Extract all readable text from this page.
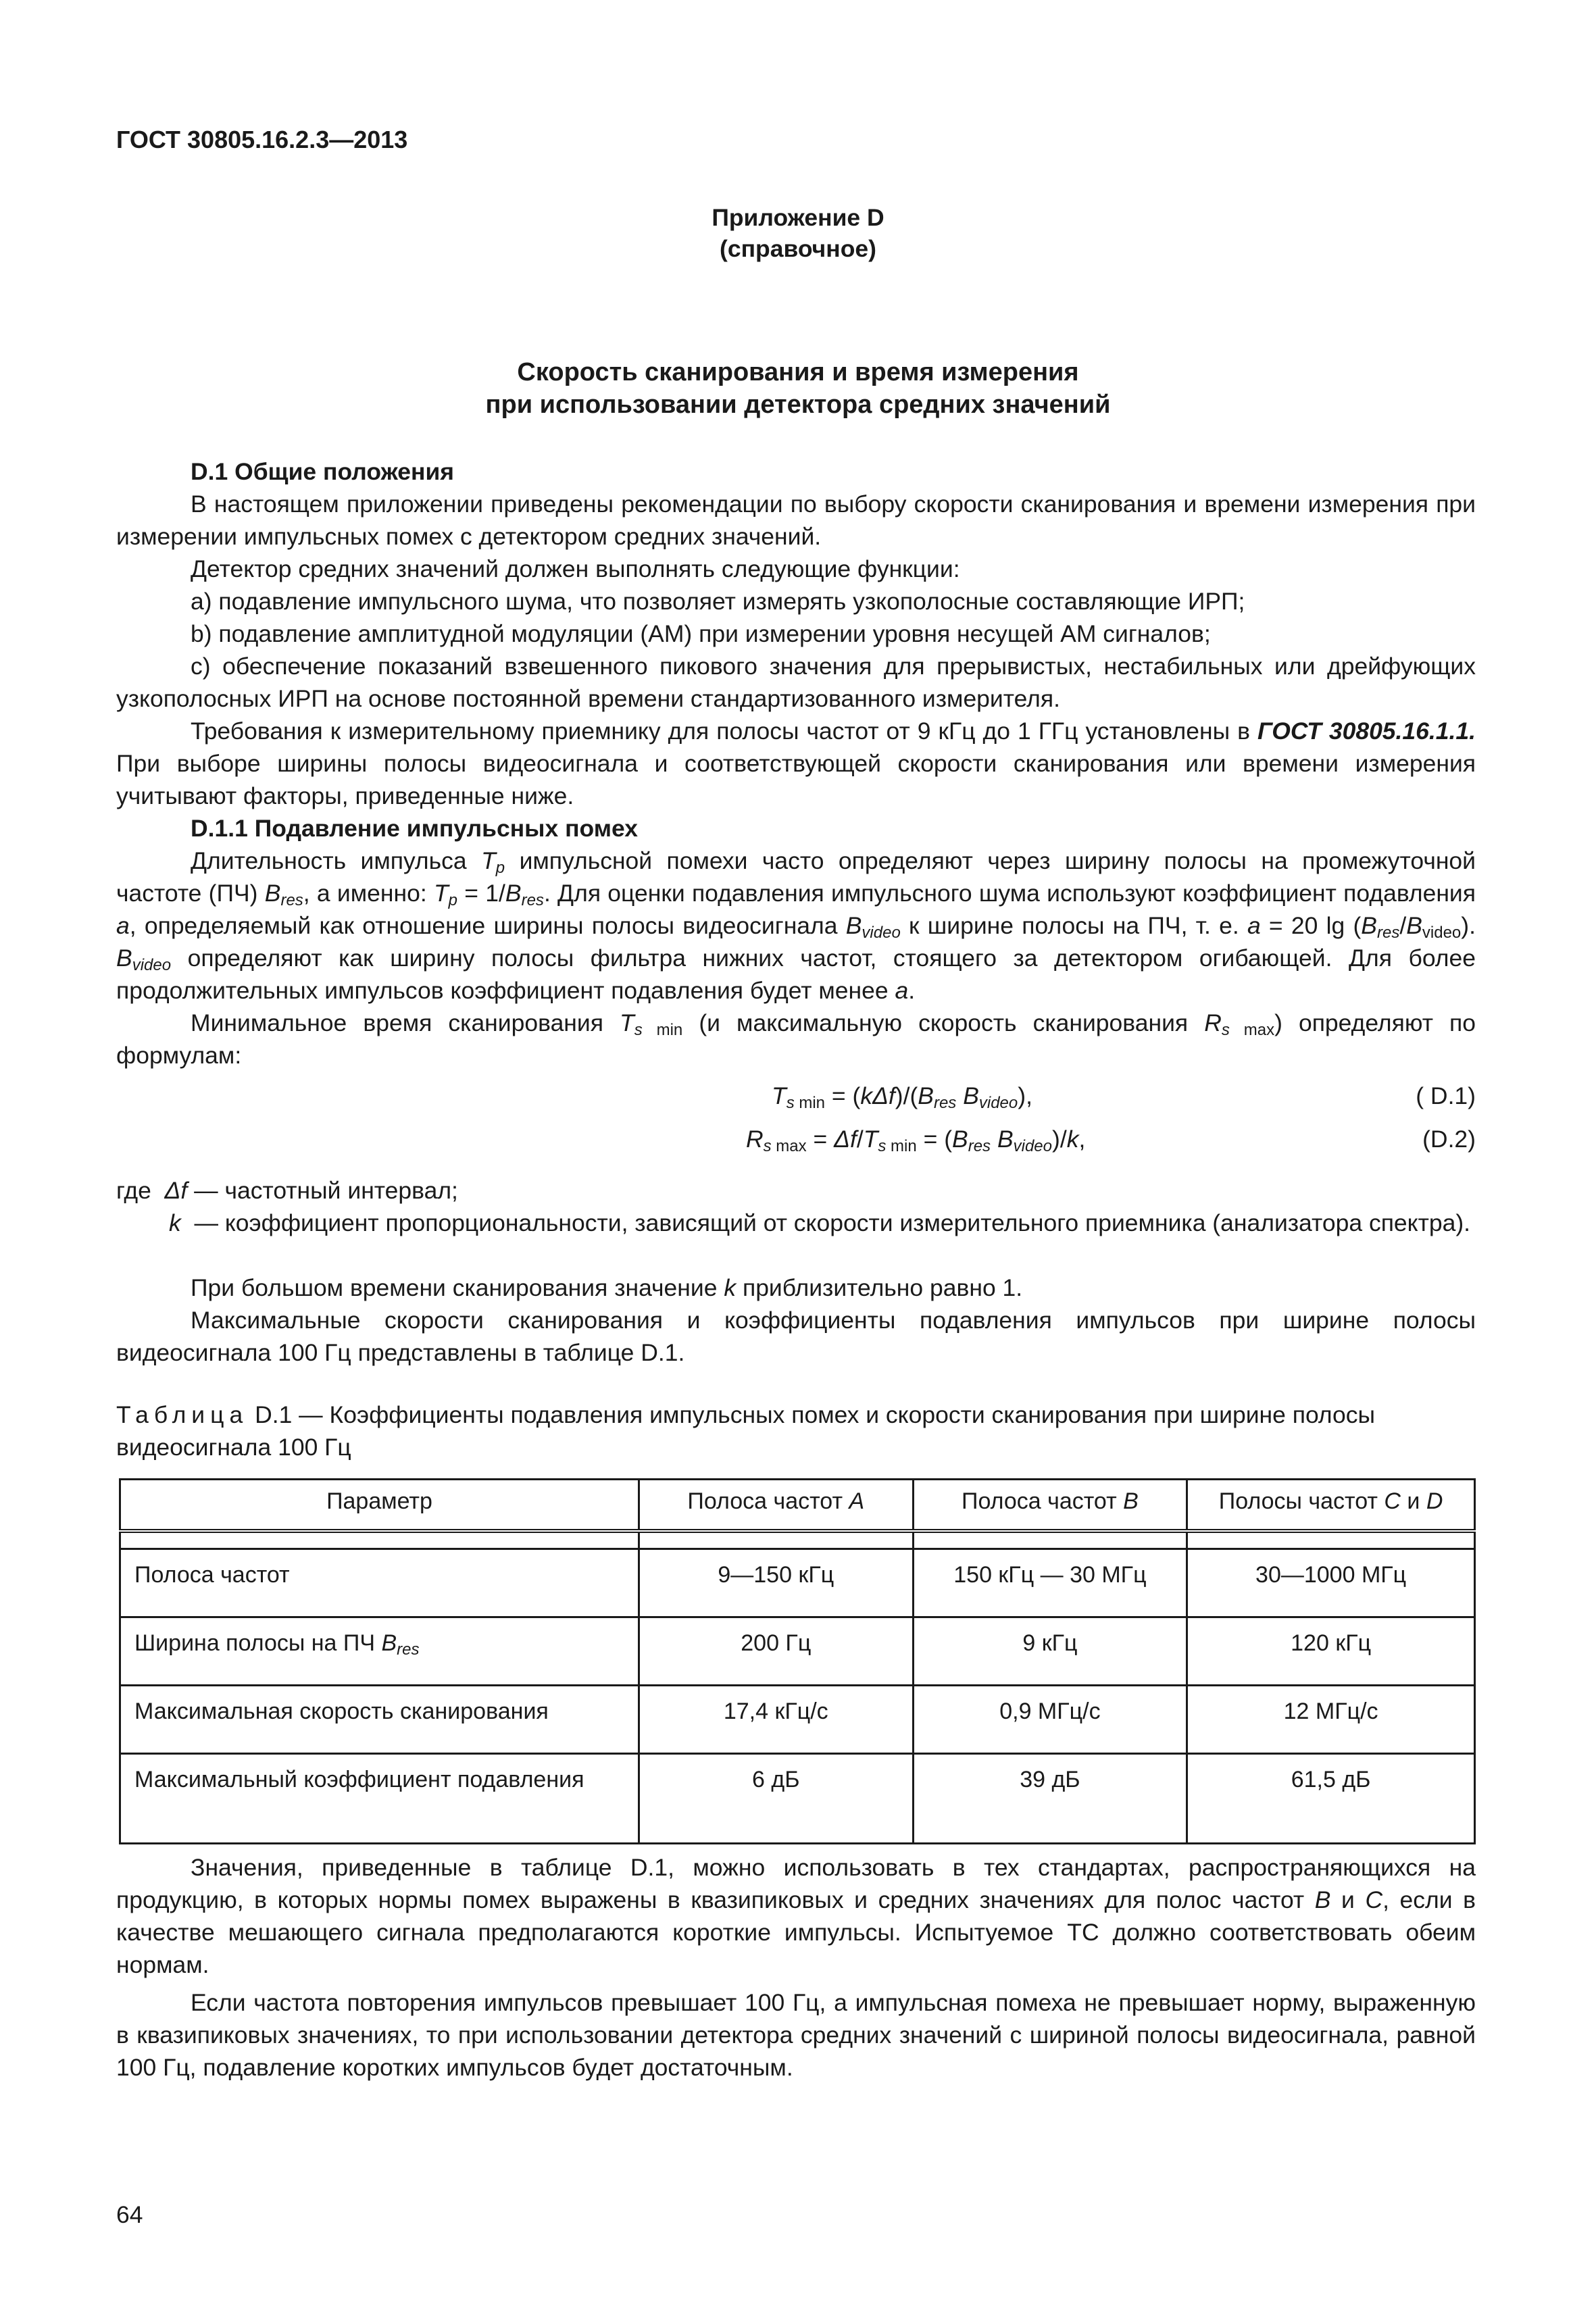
ГОСТ 30805.16.2.3—2013
Приложение D
(справочное)
Скорость сканирования и время измерения
при использовании детектора средних значений
D.1 Общие положения
В настоящем приложении приведены рекомендации по выбору скорости сканирования и времени измерения при измерении импульсных помех с детектором средних значений.
Детектор средних значений должен выполнять следующие функции:
a) подавление импульсного шума, что позволяет измерять узкополосные составляющие ИРП;
b) подавление амплитудной модуляции (АМ) при измерении уровня несущей АМ сигналов;
c) обеспечение показаний взвешенного пикового значения для прерывистых, нестабильных или дрейфующих узкополосных ИРП на основе постоянной времени стандартизованного измерителя.
Требования к измерительному приемнику для полосы частот от 9 кГц до 1 ГГц установлены в ГОСТ 30805.16.1.1. При выборе ширины полосы видеосигнала и соответствующей скорости сканирования или времени измерения учитывают факторы, приведенные ниже.
D.1.1 Подавление импульсных помех
Длительность импульса $T_p$ импульсной помехи часто определяют через ширину полосы на промежуточной частоте (ПЧ) $B_{res}$, а именно: $T_p = 1/B_{res}$. Для оценки подавления импульсного шума используют коэффициент подавления a, определяемый как отношение ширины полосы видеосигнала $B_{video}$ к ширине полосы на ПЧ, т. е. a = 20 $\lg (B_{res}/B_{video})$. $B_{video}$ определяют как ширину полосы фильтра нижних частот, стоящего за детектором огибающей. Для более продолжительных импульсов коэффициент подавления будет менее a.
Минимальное время сканирования $T_{s min}$ (и максимальную скорость сканирования $R_{s max}$) определяют по формулам:
$T_{s min} = (k\Delta f)/(B_{res}$ $B_{video}$),	( D.1)
$R_{s max} = \Delta f/T_{s min} = (B_{res}$ $B_{video})/k$,	(D.2)
где Δf — частотный интервал;
k — коэффициент пропорциональности, зависящий от скорости измерительного приемника (анализатора спектра).
При большом времени сканирования значение k приблизительно равно 1.
Максимальные скорости сканирования и коэффициенты подавления импульсов при ширине полосы видеосигнала 100 Гц представлены в таблице D.1.
Таблица D.1 — Коэффициенты подавления импульсных помех и скорости сканирования при ширине полосы видеосигнала 100 Гц
Параметр	Полоса частот A	Полоса частот B	Полосы частот C и D

Полоса частот	9—150 кГц	150 кГц — 30 МГц	30—1000 МГц
Ширина полосы на ПЧ $B_{res}$	200 Гц	9 кГц	120 кГц
Максимальная скорость сканирования	17,4 кГц/с	0,9 МГц/с	12 МГц/с
Максимальный коэффициент подавления	6 дБ	39 дБ	61,5 дБ
Значения, приведенные в таблице D.1, можно использовать в тех стандартах, распространяющихся на продукцию, в которых нормы помех выражены в квазипиковых и средних значениях для полос частот B и C, если в качестве мешающего сигнала предполагаются короткие импульсы. Испытуемое ТС должно соответствовать обеим нормам.
Если частота повторения импульсов превышает 100 Гц, а импульсная помеха не превышает норму, выраженную в квазипиковых значениях, то при использовании детектора средних значений с шириной полосы видеосигнала, равной 100 Гц, подавление коротких импульсов будет достаточным.
64
